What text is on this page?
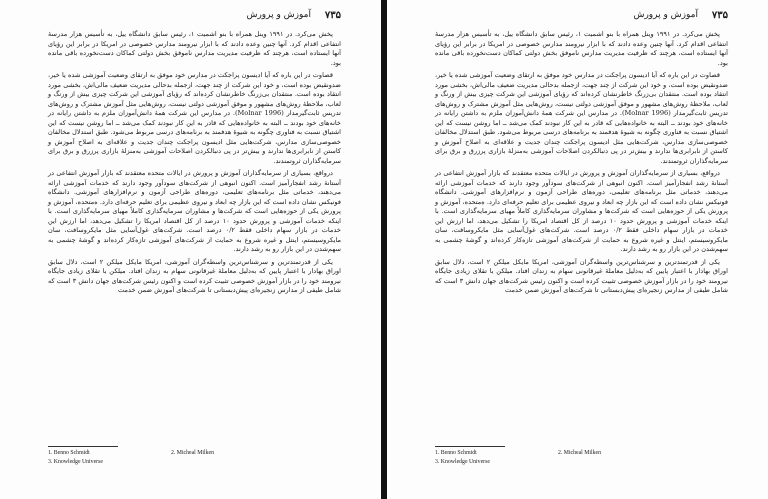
آموزش و پرورش ۷۳۵

پخش می‌کرد. در ۱۹۹۱ وینل همراه با بنو اشمیت ۱، رئیس سابق دانشگاه ییل، به تأسیس هزار مدرسهٔ انتفاعی اقدام کرد. آنها چنین وعده دادند که با ابزار نیرومند مدارس خصوصی در امریکا در برابر این رؤیای آنها ایستاده است، هرچند که ظرفیت مدیریت مدارس ناموفق بخش دولتی کماکان دست‌نخورده باقی مانده بود.

قصاوت در این باره که آیا ادیسون پراجکت در مدارس خود موفق به ارتقای وضعیت آموزشی شده یا خیر، ضدونقیض بوده است، و خود این شرکت از چند جهت، ازجمله بدحالی مدیریت ضعیف مالی‌اش، بخشی مورد انتقاد بوده است. منتقدان بی‌زرنگ خاطرنشان کرده‌اند که رؤیای آموزشی این شرکت چیزی بیش از ورنگ و لعاب، ملاحظهٔ روش‌های مشهور و موفق آموزشی دولتی نیست، روش‌هایی مثل آموزش مشترک و روش‌های تدریس ثابت‌گیرمدار (Molnar 1996). در مدارس این شرکت همهٔ دانش‌آموزان ملزم به داشتن رایانه در خانه‌های خود بودند ــ البته به خانواده‌هایی که قادر به این کار نبودند کمک می‌شد ــ اما روشن نیست که این اشتیاق نسبت به فناوری چگونه به شیوهٔ هدفمند به برنامه‌های درسی مربوط می‌شود. طبق استدلال مخالفان خصوصی‌سازی مدارس، شرکت‌هایی مثل ادیسون پراجکت چندان جدیت و علاقه‌ای به اصلاح آموزش و کاستن از نابرابری‌ها ندارند و بیش‌تر در پی دنبالکردن اصلاحات آموزشی به‌منزلهٔ بازاری پرزرق و برق برای سرمایه‌گذاران ثروتمندند.

درواقع، بسیاری از سرمایه‌گذاران آموزش و پرورش در ایالات متحده معتقدند که بازار آموزش انتفاعی در آستانهٔ رشد انفجارآمیز است. اکنون انبوهی از شرکت‌های سودآور وجود دارند که خدمات آموزشی ارائه می‌دهند، خدماتی مثل برنامه‌های تعلیمی، دوره‌های طراحی آزمون و نرم‌افزارهای آموزشی. دانشگاه فونیکس نشان داده است که این بازار چه ابعاد و نیروی عظیمی برای تعلیم حرفه‌ای دارد. ه‌متحده، آموزش و پرورش یکی از حوزه‌هایی است که شرکت‌ها و مشاوران سرمایه‌گذاری کاملاً مهیای سرمایه‌گذاری است. با اینکه خدمات آموزشی و پرورش حدود ۱۰ درصد از کل اقتصاد امریکا را تشکیل می‌دهد، اما ارزش این خدمات در بازار سهام داخلی فقط ۰/۲ درصد است. شرکت‌های غول‌آسایی مثل مایکروسافت، سان مایکروسیستم، اینتل و غیره شروع به حمایت از شرکت‌های آموزشی تازه‌کار کرده‌اند و گوشهٔ چشمی به سهم‌شدن در این بازار رو به رشد دارند.

یکی از قدرتمندترین و سرشناس‌ترین واسطه‌گران آموزشی، امریکا مایکل میلکن ۲ است، دلال سابق اوراق بهادار با اعتبار پایین که به‌دلیل معاملهٔ غیرقانونی سهام به زندان افتاد. میلکن با تقلای زیادی جایگاه نیرومند خود را در بازار آموزش خصوصی تثبیت کرده است و اکنون رئیس شرکت‌های جهان دانش ۳ است که شامل طیفی از مدارس زنجیره‌ای پیش‌دبستانی تا شرکت‌های آموزش ضمن خدمت

1. Benno Schmidt	2. Micheal Milken
3. Knowledge Universe
آموزش و پرورش ۷۳۵

پخش می‌کرد. در ۱۹۹۱ وینل همراه با بنو اشمیت ۱، رئیس سابق دانشگاه ییل، به تأسیس هزار مدرسهٔ انتفاعی اقدام کرد. آنها چنین وعده دادند که با ابزار نیرومند مدارس خصوصی در امریکا در برابر این رؤیای آنها ایستاده است، هرچند که ظرفیت مدیریت مدارس ناموفق بخش دولتی کماکان دست‌نخورده باقی مانده بود.

قصاوت در این باره که آیا ادیسون پراجکت در مدارس خود موفق به ارتقای وضعیت آموزشی شده یا خیر، ضدونقیض بوده است، و خود این شرکت از چند جهت، ازجمله بدحالی مدیریت ضعیف مالی‌اش، بخشی مورد انتقاد بوده است. منتقدان بی‌زرنگ خاطرنشان کرده‌اند که رؤیای آموزشی این شرکت چیزی بیش از ورنگ و لعاب، ملاحظهٔ روش‌های مشهور و موفق آموزشی دولتی نیست، روش‌هایی مثل آموزش مشترک و روش‌های تدریس ثابت‌گیرمدار (Molnar 1996). در مدارس این شرکت همهٔ دانش‌آموزان ملزم به داشتن رایانه در خانه‌های خود بودند ــ البته به خانواده‌هایی که قادر به این کار نبودند کمک می‌شد ــ اما روشن نیست که این اشتیاق نسبت به فناوری چگونه به شیوهٔ هدفمند به برنامه‌های درسی مربوط می‌شود. طبق استدلال مخالفان خصوصی‌سازی مدارس، شرکت‌هایی مثل ادیسون پراجکت چندان جدیت و علاقه‌ای به اصلاح آموزش و کاستن از نابرابری‌ها ندارند و بیش‌تر در پی دنبالکردن اصلاحات آموزشی به‌منزلهٔ بازاری پرزرق و برق برای سرمایه‌گذاران ثروتمندند.

درواقع، بسیاری از سرمایه‌گذاران آموزش و پرورش در ایالات متحده معتقدند که بازار آموزش انتفاعی در آستانهٔ رشد انفجارآمیز است. اکنون انبوهی از شرکت‌های سودآور وجود دارند که خدمات آموزشی ارائه می‌دهند، خدماتی مثل برنامه‌های تعلیمی، دوره‌های طراحی آزمون و نرم‌افزارهای آموزشی. دانشگاه فونیکس نشان داده است که این بازار چه ابعاد و نیروی عظیمی برای تعلیم حرفه‌ای دارد. ه‌متحده، آموزش و پرورش یکی از حوزه‌هایی است که شرکت‌ها و مشاوران سرمایه‌گذاری کاملاً مهیای سرمایه‌گذاری است. با اینکه خدمات آموزشی و پرورش حدود ۱۰ درصد از کل اقتصاد امریکا را تشکیل می‌دهد، اما ارزش این خدمات در بازار سهام داخلی فقط ۰/۲ درصد است. شرکت‌های غول‌آسایی مثل مایکروسافت، سان مایکروسیستم، اینتل و غیره شروع به حمایت از شرکت‌های آموزشی تازه‌کار کرده‌اند و گوشهٔ چشمی به سهم‌شدن در این بازار رو به رشد دارند.

یکی از قدرتمندترین و سرشناس‌ترین واسطه‌گران آموزشی، امریکا مایکل میلکن ۲ است، دلال سابق اوراق بهادار با اعتبار پایین که به‌دلیل معاملهٔ غیرقانونی سهام به زندان افتاد. میلکن با تقلای زیادی جایگاه نیرومند خود را در بازار آموزش خصوصی تثبیت کرده است و اکنون رئیس شرکت‌های جهان دانش ۳ است که شامل طیفی از مدارس زنجیره‌ای پیش‌دبستانی تا شرکت‌های آموزش ضمن خدمت

1. Benno Schmidt	2. Micheal Milken
3. Knowledge Universe
